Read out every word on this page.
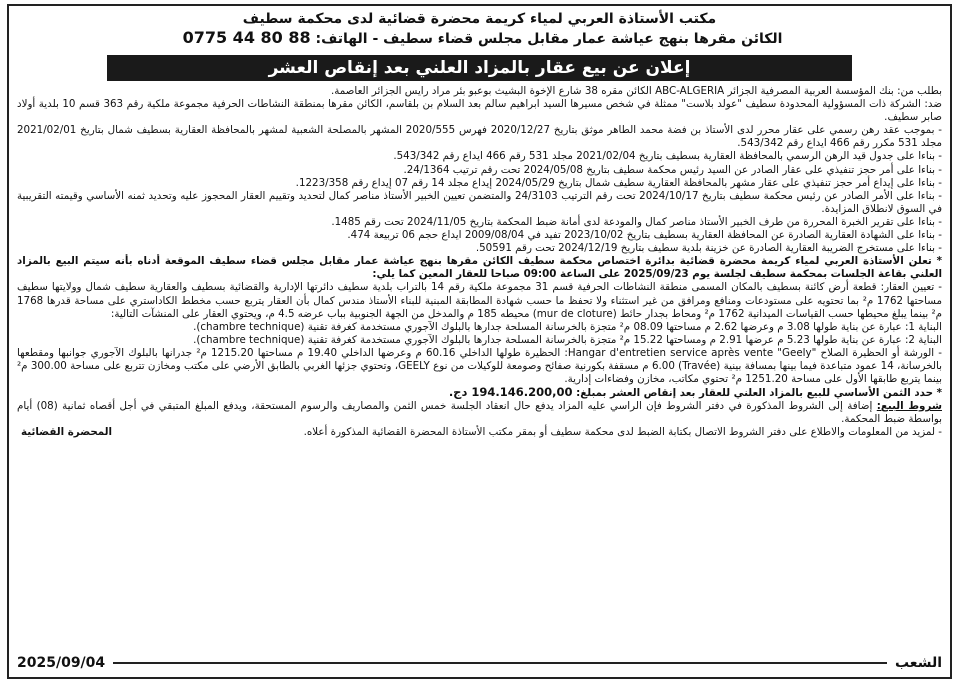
مكتب الأستاذة العربي لمياء كريمة محضرة قضائية لدى محكمة سطيف
الكائن مقرها بنهج عياشة عمار مقابل مجلس قضاء سطيف - الهاتف: 0775 44 80 88
إعلان عن بيع عقار بالمزاد العلني بعد إنقاص العشر

بطلب من: بنك المؤسسة العربية المصرفية الجزائر ABC-ALGERIA الكائن مقره 38 شارع الإخوة البشيث بوعبو بئر مراد رايس الجزائر العاصمة.

ضد: الشركة ذات المسؤولية المحدودة سطيف "عولد بلاست" ممثلة في شخص مسيرها السيد ابراهيم سالم بعد السلام بن بلقاسم، الكائن مقرها بمنطقة النشاطات الحرفية مجموعة ملكية رقم 363 قسم 10 بلدية أولاد صابر سطيف.

- بموجب عقد رهن رسمي على عقار محرر لدى الأستاذ بن فضة محمد الطاهر موثق بتاريخ 2020/12/27 فهرس 2020/555 المشهر بالمصلحة الشعبية لمشهر بالمحافظة العقارية بسطيف شمال بتاريخ 2021/02/01 مجلد 531 مكرر رقم 466 ايداع رقم 543/342.

- بناءا على جدول قيد الرهن الرسمي بالمحافظة العقارية بسطيف بتاريخ 2021/02/04 مجلد 531 رقم 466 ايداع رقم 543/342.

- بناءا على أمر حجز تنفيذي على عقار الصادر عن السيد رئيس محكمة سطيف بتاريخ 2024/05/08 تحت رقم ترتيب 24/1364.

- بناءا على إيداع أمر حجز تنفيذي على عقار مشهر بالمحافظة العقارية سطيف شمال بتاريخ 2024/05/29 إيداع مجلد 14 رقم 07 إيداع رقم 1223/358.

- بناءا على الأمر الصادر عن رئيس محكمة سطيف بتاريخ 2024/10/17 تحت رقم الترتيب 24/3103 والمتضمن تعيين الخبير الأستاذ مناصر كمال لتحديد وتقييم العقار المحجوز عليه وتحديد ثمنه الأساسي وقيمته التقريبية في السوق لانطلاق المزايدة.

- بناءا على تقرير الخبرة المحررة من طرف الخبير الأستاذ مناصر كمال والمودعة لدى أمانة ضبط المحكمة بتاريخ 2024/11/05 تحت رقم 1485.

- بناءا على الشهادة العقارية الصادرة عن المحافظة العقارية بسطيف بتاريخ 2023/10/02 تفيد في 2009/08/04 ايداع حجم 06 تربيعة 474.

- بناءا على مستخرج الضريبة العقارية الصادرة عن خزينة بلدية سطيف بتاريخ 2024/12/19 تحت رقم 50591.

* تعلن الأستاذة العربي لمياء كريمة محضرة قضائية بدائرة اختصاص محكمة سطيف الكائن مقرها بنهج عياشة عمار مقابل مجلس قضاء سطيف الموقعة أدناه بأنه سيتم البيع بالمزاد العلني بقاعة الجلسات بمحكمة سطيف لجلسة يوم 2025/09/23 على الساعة 09:00 صباحا للعقار المعين كما يلي:

- تعيين العقار: قطعة أرض كائنة بسطيف بالمكان المسمى منطقة النشاطات الحرفية قسم 31 مجموعة ملكية رقم 14 بالتراب بلدية سطيف دائرتها الإدارية والقضائية بسطيف والعقارية سطيف شمال وولايتها سطيف مساحتها 1762 م² بما تحتويه على مستودعات ومنافع ومرافق من غير استثناء ولا تحفظ ما حسب شهادة المطابقة المبنية للبناء الأستاذ مندس كمال بأن العقار يتربع حسب مخطط الكاداستري على مساحة قدرها 1768 م² بينما يبلغ محيطها حسب القياسات الميدانية 1762 م² ومحاط بجدار حائط (mur de cloture) محيطه 185 م والمدخل من الجهة الجنوبية بباب عرضه 4.5 م، ويحتوي العقار على المنشآت التالية:

البناية 1: عبارة عن بناية طولها 3.08 م وعرضها 2.62 م مساحتها 08.09 م² متجزة بالخرسانة المسلحة جدارها بالبلوك الآجوري مستخدمة كغرفة تقنية (chambre technique).

البناية 2: عبارة عن بناية طولها 5.23 م عرضها 2.91 م ومساحتها 15.22 م² متجزة بالخرسانة المسلحة جدارها بالبلوك الآجوري مستخدمة كغرفة تقنية (chambre technique).

- الورشة أو الحظيرة الصلاح "Hangar d'entretien service après vente "Geely: الحظيرة طولها الداخلي 60.16 م وعرضها الداخلي 19.40 م مساحتها 1215.20 م² جدرانها بالبلوك الآجوري جوانبها ومقطعها بالخرسانة، 14 عمود متباعدة فيما بينها بمسافة بينية (Travée) 6.00 م مسقفة بكورنية صفائح وصومعة للوكيلات من نوع GEELY، وتحتوي جزئها الغربي بالطابق الأرضي على مكتب ومخازن تتربع على مساحة 300.00 م² بينما يتربع طابقها الأول على مساحة 1251.20 م² تحتوي مكاتب، مخازن وفضاءات إدارية.

* حدد الثمن الأساسي للبيع بالمزاد العلني للعقار بعد إنقاص العشر بمبلغ: 194.146.200,00 دج.

شروط البيع: إضافة إلى الشروط المذكورة في دفتر الشروط فإن الراسي عليه المزاد يدفع حال انعقاد الجلسة خمس الثمن والمصاريف والرسوم المستحقة، ويدفع المبلغ المتبقي في أجل أقصاه ثمانية (08) أيام بواسطة ضبط المحكمة.

- لمزيد من المعلومات والاطلاع على دفتر الشروط الاتصال بكتابة الضبط لدى محكمة سطيف أو بمقر مكتب الأستاذة المحضرة القضائية المذكورة أعلاه.
المحضرة القضائية
الشعب
2025/09/04
